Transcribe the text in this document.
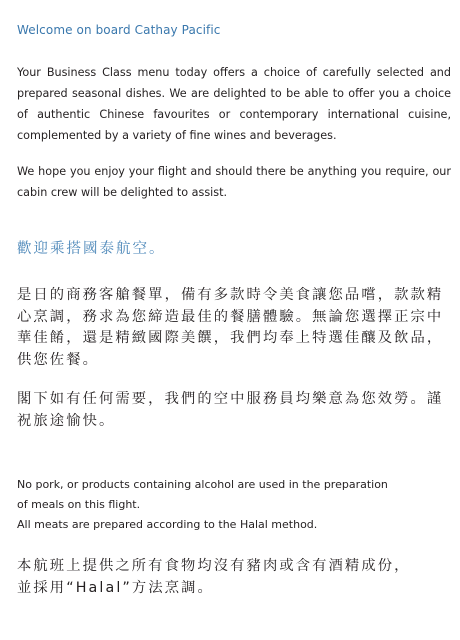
Welcome on board Cathay Pacific

Your Business Class menu today offers a choice of carefully selected and prepared seasonal dishes. We are delighted to be able to offer you a choice of authentic Chinese favourites or contemporary international cuisine, complemented by a variety of fine wines and beverages.

We hope you enjoy your flight and should there be anything you require, our cabin crew will be delighted to assist.

歡迎乘搭國泰航空。

是日的商務客艙餐單，備有多款時令美食讓您品嚐，款款精心烹調，務求為您締造最佳的餐膳體驗。無論您選擇正宗中華佳餚，還是精緻國際美饌，我們均奉上特選佳釀及飲品，供您佐餐。

閣下如有任何需要，我們的空中服務員均樂意為您效勞。謹祝旅途愉快。

No pork, or products containing alcohol are used in the preparation
of meals on this flight.
All meats are prepared according to the Halal method.
本航班上提供之所有食物均沒有豬肉或含有酒精成份，
並採用“Halal”方法烹調。
